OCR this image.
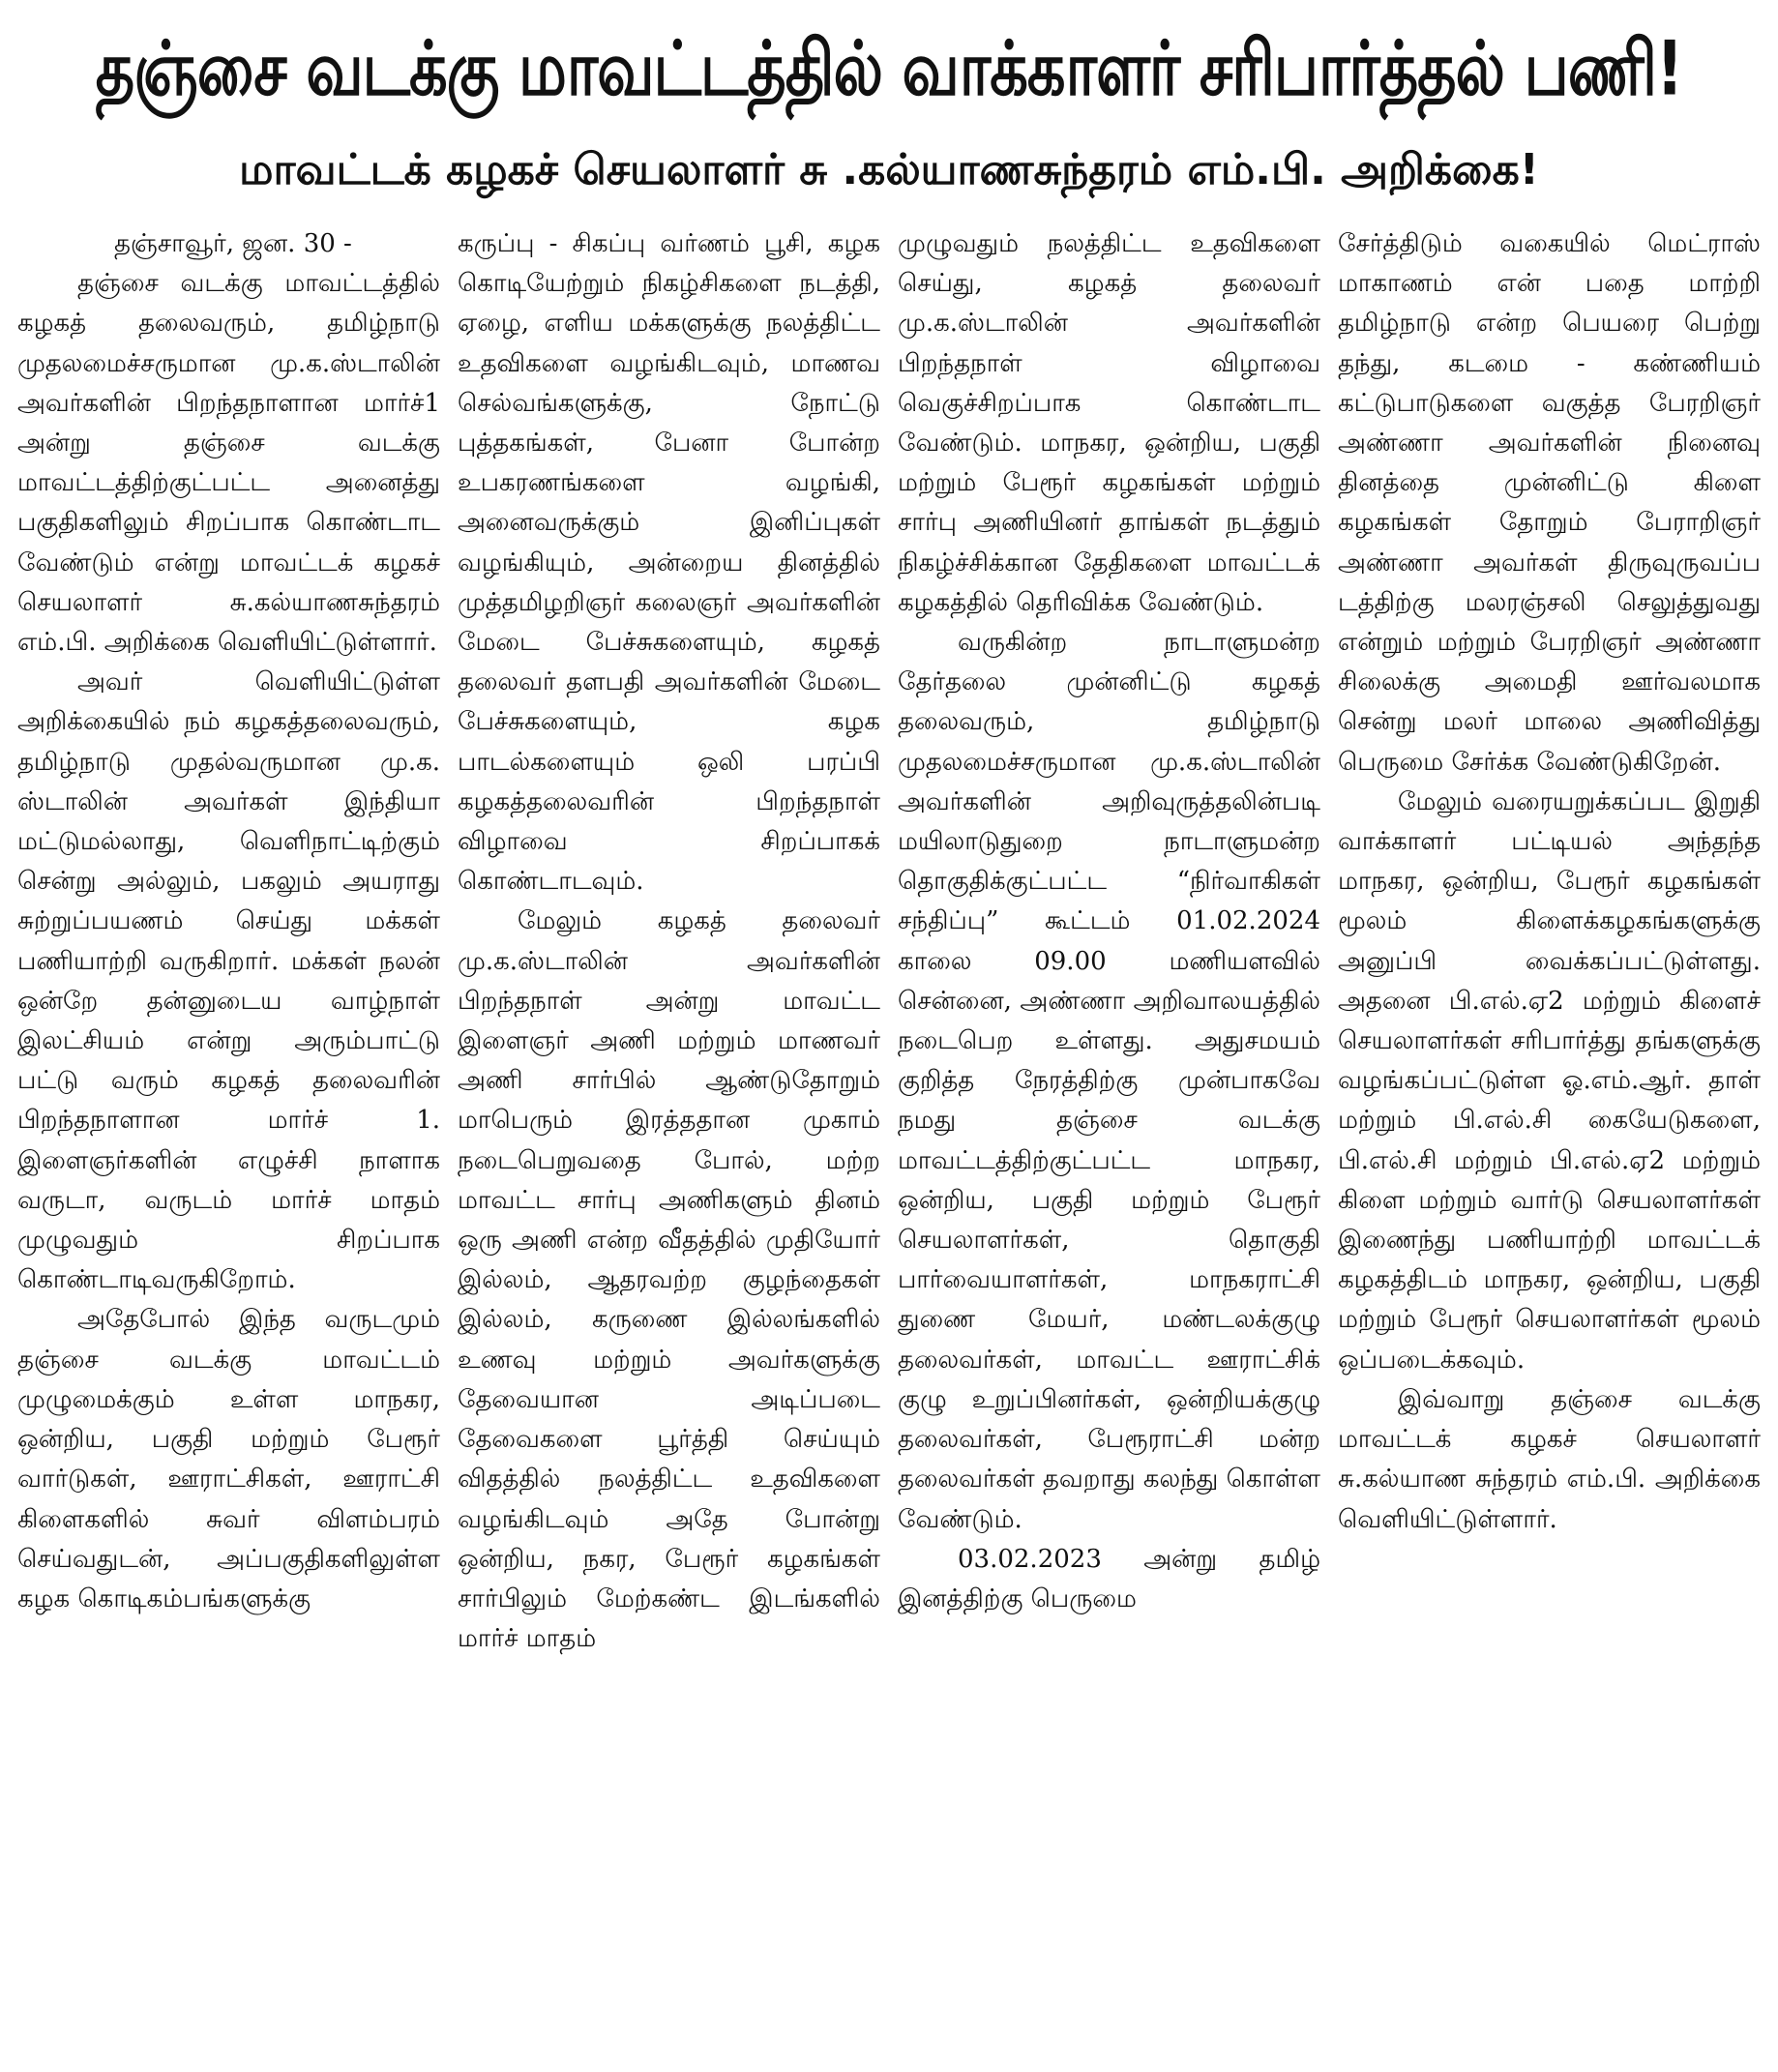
தஞ்சை வடக்கு மாவட்டத்தில் வாக்காளர் சரிபார்த்தல் பணி!
மாவட்டக் கழகச் செயலாளர் சு .கல்யாணசுந்தரம் எம்.பி. அறிக்கை!

தஞ்சாவூர், ஜன. 30 -

தஞ்சை வடக்கு மாவட்டத்தில் கழகத் தலைவரும், தமிழ்நாடு முதலமைச்சருமான மு.க.ஸ்டாலின் அவர்களின் பிறந்தநாளான மார்ச்1 அன்று தஞ்சை வடக்கு மாவட்டத்திற்குட்பட்ட அனைத்து பகுதிகளிலும் சிறப்பாக கொண்டாட வேண்டும் என்று மாவட்டக் கழகச் செயலாளர் சு.கல்யாணசுந்தரம் எம்.பி. அறிக்கை வெளியிட்டுள்ளார்.

அவர் வெளியிட்டுள்ள அறிக்கையில் நம் கழகத்தலைவரும், தமிழ்நாடு முதல்வருமான மு.க. ஸ்டாலின் அவர்கள் இந்தியா மட்டுமல்லாது, வெளிநாட்டிற்கும் சென்று அல்லும், பகலும் அயராது சுற்றுப்பயணம் செய்து மக்கள் பணியாற்றி வருகிறார். மக்கள் நலன் ஒன்றே தன்னுடைய வாழ்நாள் இலட்சியம் என்று அரும்பாட்டு பட்டு வரும் கழகத் தலைவரின் பிறந்தநாளான மார்ச் 1. இளைஞர்களின் எழுச்சி நாளாக வருடா, வருடம் மார்ச் மாதம் முழுவதும் சிறப்பாக கொண்டாடிவருகிறோம்.

அதேபோல் இந்த வருடமும் தஞ்சை வடக்கு மாவட்டம் முழுமைக்கும் உள்ள மாநகர, ஒன்றிய, பகுதி மற்றும் பேரூர் வார்டுகள், ஊராட்சிகள், ஊராட்சி கிளைகளில் சுவர் விளம்பரம் செய்வதுடன், அப்பகுதிகளிலுள்ள கழக கொடிகம்பங்களுக்கு

கருப்பு - சிகப்பு வர்ணம் பூசி, கழக கொடியேற்றும் நிகழ்சிகளை நடத்தி, ஏழை, எளிய மக்களுக்கு நலத்திட்ட உதவிகளை வழங்கிடவும், மாணவ செல்வங்களுக்கு, நோட்டு புத்தகங்கள், பேனா போன்ற உபகரணங்களை வழங்கி, அனைவருக்கும் இனிப்புகள் வழங்கியும், அன்றைய தினத்தில் முத்தமிழறிஞர் கலைஞர் அவர்களின் மேடை பேச்சுகளையும், கழகத் தலைவர் தளபதி அவர்களின் மேடை பேச்சுகளையும், கழக பாடல்களையும் ஒலி பரப்பி கழகத்தலைவரின் பிறந்தநாள் விழாவை சிறப்பாகக் கொண்டாடவும்.

மேலும் கழகத் தலைவர் மு.க.ஸ்டாலின் அவர்களின் பிறந்தநாள் அன்று மாவட்ட இளைஞர் அணி மற்றும் மாணவர் அணி சார்பில் ஆண்டுதோறும் மாபெரும் இரத்ததான முகாம் நடைபெறுவதை போல், மற்ற மாவட்ட சார்பு அணிகளும் தினம் ஒரு அணி என்ற வீதத்தில் முதியோர் இல்லம், ஆதரவற்ற குழந்தைகள் இல்லம், கருணை இல்லங்களில் உணவு மற்றும் அவர்களுக்கு தேவையான அடிப்படை தேவைகளை பூர்த்தி செய்யும் விதத்தில் நலத்திட்ட உதவிகளை வழங்கிடவும் அதே போன்று ஒன்றிய, நகர, பேரூர் கழகங்கள் சார்பிலும் மேற்கண்ட இடங்களில் மார்ச் மாதம்

முழுவதும் நலத்திட்ட உதவிகளை செய்து, கழகத் தலைவர் மு.க.ஸ்டாலின் அவர்களின் பிறந்தநாள் விழாவை வெகுச்சிறப்பாக கொண்டாட வேண்டும். மாநகர, ஒன்றிய, பகுதி மற்றும் பேரூர் கழகங்கள் மற்றும் சார்பு அணியினர் தாங்கள் நடத்தும் நிகழ்ச்சிக்கான தேதிகளை மாவட்டக் கழகத்தில் தெரிவிக்க வேண்டும்.

வருகின்ற நாடாளுமன்ற தேர்தலை முன்னிட்டு கழகத் தலைவரும், தமிழ்நாடு முதலமைச்சருமான மு.க.ஸ்டாலின் அவர்களின் அறிவுருத்தலின்படி மயிலாடுதுறை நாடாளுமன்ற தொகுதிக்குட்பட்ட “நிர்வாகிகள் சந்திப்பு” கூட்டம் 01.02.2024 காலை 09.00 மணியளவில் சென்னை, அண்ணா அறிவாலயத்தில் நடைபெற உள்ளது. அதுசமயம் குறித்த நேரத்திற்கு முன்பாகவே நமது தஞ்சை வடக்கு மாவட்டத்திற்குட்பட்ட மாநகர, ஒன்றிய, பகுதி மற்றும் பேரூர் செயலாளர்கள், தொகுதி பார்வையாளர்கள், மாநகராட்சி துணை மேயர், மண்டலக்குழு தலைவர்கள், மாவட்ட ஊராட்சிக் குழு உறுப்பினர்கள், ஒன்றியக்குழு தலைவர்கள், பேரூராட்சி மன்ற தலைவர்கள் தவறாது கலந்து கொள்ள வேண்டும்.

03.02.2023 அன்று தமிழ் இனத்திற்கு பெருமை

சேர்த்திடும் வகையில் மெட்ராஸ் மாகாணம் என் பதை மாற்றி தமிழ்நாடு என்ற பெயரை பெற்று தந்து, கடமை - கண்ணியம் கட்டுபாடுகளை வகுத்த பேரறிஞர் அண்ணா அவர்களின் நினைவு தினத்தை முன்னிட்டு கிளை கழகங்கள் தோறும் பேராறிஞர் அண்ணா அவர்கள் திருவுருவப்ப டத்திற்கு மலரஞ்சலி செலுத்துவது என்றும் மற்றும் பேரறிஞர் அண்ணா சிலைக்கு அமைதி ஊர்வலமாக சென்று மலர் மாலை அணிவித்து பெருமை சேர்க்க வேண்டுகிறேன்.

மேலும் வரையறுக்கப்பட இறுதி வாக்காளர் பட்டியல் அந்தந்த மாநகர, ஒன்றிய, பேரூர் கழகங்கள் மூலம் கிளைக்கழகங்களுக்கு அனுப்பி வைக்கப்பட்டுள்ளது. அதனை பி.எல்.ஏ2 மற்றும் கிளைச் செயலாளர்கள் சரிபார்த்து தங்களுக்கு வழங்கப்பட்டுள்ள ஓ.எம்.ஆர். தாள் மற்றும் பி.எல்.சி கையேடுகளை, பி.எல்.சி மற்றும் பி.எல்.ஏ2 மற்றும் கிளை மற்றும் வார்டு செயலாளர்கள் இணைந்து பணியாற்றி மாவட்டக் கழகத்திடம் மாநகர, ஒன்றிய, பகுதி மற்றும் பேரூர் செயலாளர்கள் மூலம் ஒப்படைக்கவும்.

இவ்வாறு தஞ்சை வடக்கு மாவட்டக் கழகச் செயலாளர் சு.கல்யாண சுந்தரம் எம்.பி. அறிக்கை வெளியிட்டுள்ளார்.
